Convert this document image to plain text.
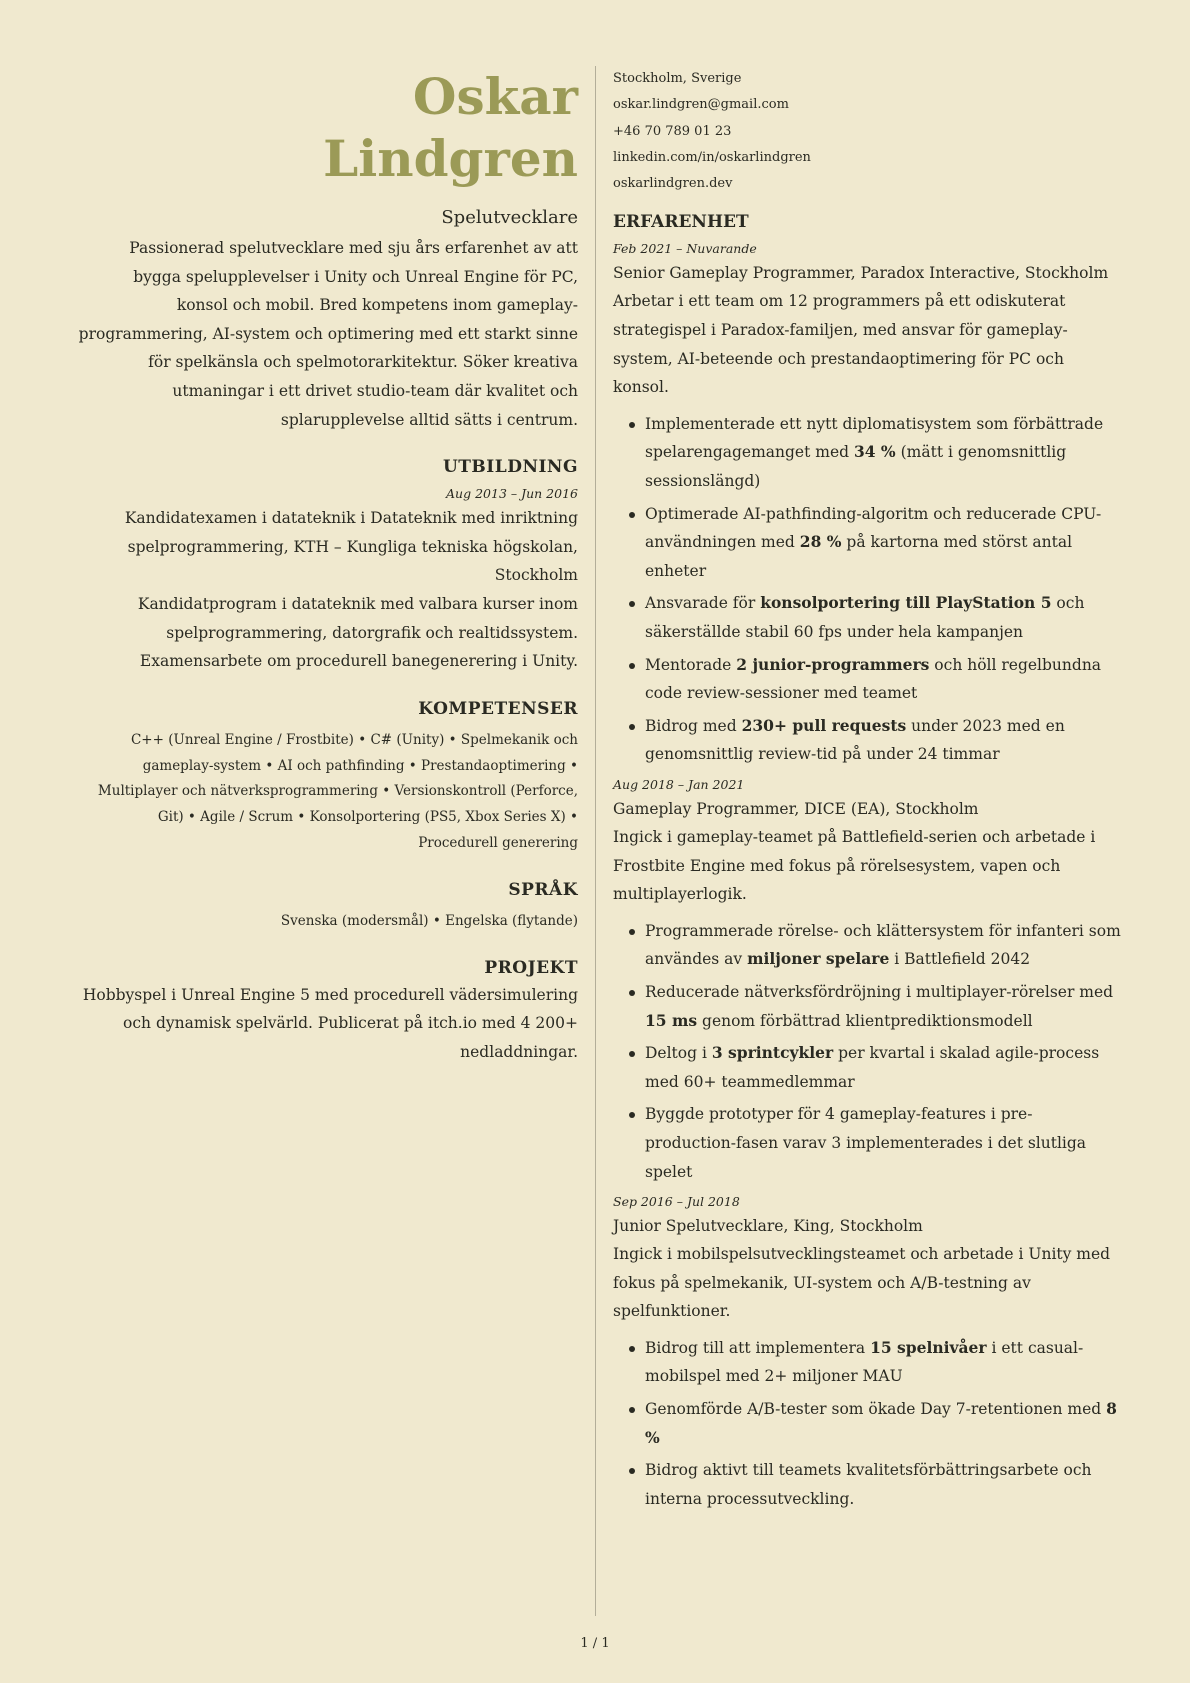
Oskar
Lindgren
Spelutvecklare
Passionerad spelutvecklare med sju års erfarenhet av att bygga spelupplevelser i Unity och Unreal Engine för PC, konsol och mobil. Bred kompetens inom gameplay-programmering, AI-system och optimering med ett starkt sinne för spelkänsla och spelmotorarkitektur. Söker kreativa utmaningar i ett drivet studio-team där kvalitet och splarupplevelse alltid sätts i centrum.
UTBILDNING
Aug 2013 – Jun 2016
Kandidatexamen i datateknik i Datateknik med inriktning spelprogrammering, KTH – Kungliga tekniska högskolan, Stockholm
Kandidatprogram i datateknik med valbara kurser inom spelprogrammering, datorgrafik och realtidssystem. Examensarbete om procedurell banegenerering i Unity.
KOMPETENSER
C++ (Unreal Engine / Frostbite) • C# (Unity) • Spelmekanik och gameplay-system • AI och pathfinding • Prestandaoptimering • Multiplayer och nätverksprogrammering • Versionskontroll (Perforce, Git) • Agile / Scrum • Konsolportering (PS5, Xbox Series X) • Procedurell generering
SPRÅK
Svenska (modersmål) • Engelska (flytande)
PROJEKT
Hobbyspel i Unreal Engine 5 med procedurell vädersimulering och dynamisk spelvärld. Publicerat på itch.io med 4 200+ nedladdningar.
Stockholm, Sverige
oskar.lindgren@gmail.com
+46 70 789 01 23
linkedin.com/in/oskarlindgren
oskarlindgren.dev
ERFARENHET
Feb 2021 – Nuvarande
Senior Gameplay Programmer, Paradox Interactive, Stockholm
Arbetar i ett team om 12 programmers på ett odiskuterat strategispel i Paradox-familjen, med ansvar för gameplay-system, AI-beteende och prestandaoptimering för PC och konsol.
Implementerade ett nytt diplomatisystem som förbättrade spelarengagemanget med 34 % (mätt i genomsnittlig sessionslängd)
Optimerade AI-pathfinding-algoritm och reducerade CPU-användningen med 28 % på kartorna med störst antal enheter
Ansvarade för konsolportering till PlayStation 5 och säkerställde stabil 60 fps under hela kampanjen
Mentorade 2 junior-programmers och höll regelbundna code review-sessioner med teamet
Bidrog med 230+ pull requests under 2023 med en genomsnittlig review-tid på under 24 timmar
Aug 2018 – Jan 2021
Gameplay Programmer, DICE (EA), Stockholm
Ingick i gameplay-teamet på Battlefield-serien och arbetade i Frostbite Engine med fokus på rörelsesystem, vapen och multiplayerlogik.
Programmerade rörelse- och klättersystem för infanteri som användes av miljoner spelare i Battlefield 2042
Reducerade nätverksfördröjning i multiplayer-rörelser med 15 ms genom förbättrad klientprediktionsmodell
Deltog i 3 sprintcykler per kvartal i skalad agile-process med 60+ teammedlemmar
Byggde prototyper för 4 gameplay-features i pre-production-fasen varav 3 implementerades i det slutliga spelet
Sep 2016 – Jul 2018
Junior Spelutvecklare, King, Stockholm
Ingick i mobilspelsutvecklingsteamet och arbetade i Unity med fokus på spelmekanik, UI-system och A/B-testning av spelfunktioner.
Bidrog till att implementera 15 spelnivåer i ett casual-mobilspel med 2+ miljoner MAU
Genomförde A/B-tester som ökade Day 7-retentionen med 8 %
Bidrog aktivt till teamets kvalitetsförbättringsarbete och interna processutveckling.
1 / 1
